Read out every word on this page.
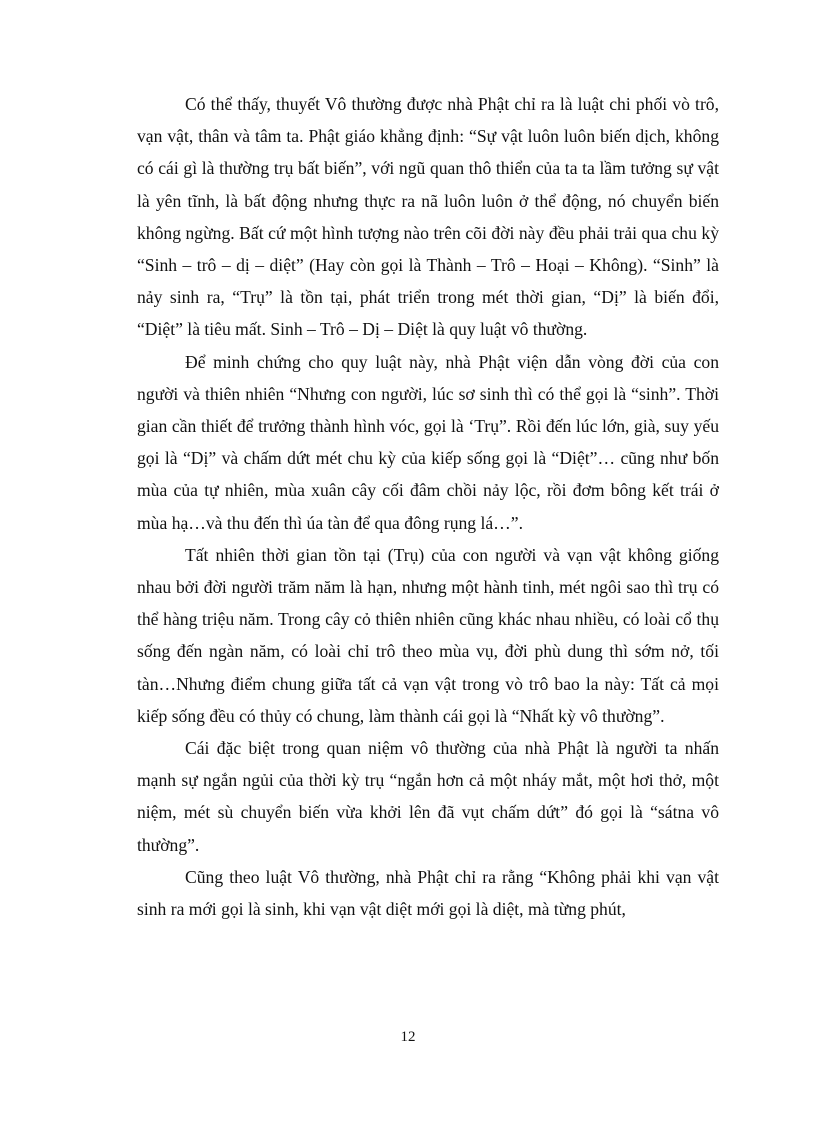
Có thể thấy, thuyết Vô thường được nhà Phật chỉ ra là luật chi phối vò trô, vạn vật, thân và tâm ta. Phật giáo khẳng định: “Sự vật luôn luôn biến dịch, không có cái gì là thường trụ bất biến”, với ngũ quan thô thiển của ta ta lầm tưởng sự vật là yên tĩnh, là bất động nhưng thực ra nã luôn luôn ở thể động, nó chuyển biến không ngừng. Bất cứ một hình tượng nào trên cõi đời này đều phải trải qua chu kỳ “Sinh – trô – dị – diệt” (Hay còn gọi là Thành – Trô – Hoại – Không). “Sinh” là nảy sinh ra, “Trụ” là tồn tại, phát triển trong mét thời gian, “Dị” là biến đổi, “Diệt” là tiêu mất. Sinh – Trô – Dị – Diệt là quy luật vô thường.

Để minh chứng cho quy luật này, nhà Phật viện dẫn vòng đời của con người và thiên nhiên “Nhưng con người, lúc sơ sinh thì có thể gọi là “sinh”. Thời gian cần thiết để trưởng thành hình vóc, gọi là ‘Trụ”. Rồi đến lúc lớn, già, suy yếu gọi là “Dị” và chấm dứt mét chu kỳ của kiếp sống gọi là “Diệt”… cũng như bốn mùa của tự nhiên, mùa xuân cây cối đâm chồi nảy lộc, rồi đơm bông kết trái ở mùa hạ…và thu đến thì úa tàn để qua đông rụng lá…”.

Tất nhiên thời gian tồn tại (Trụ) của con người và vạn vật không giống nhau bởi đời người trăm năm là hạn, nhưng một hành tinh, mét ngôi sao thì trụ có thể hàng triệu năm. Trong cây cỏ thiên nhiên cũng khác nhau nhiều, có loài cổ thụ sống đến ngàn năm, có loài chỉ trô theo mùa vụ, đời phù dung thì sớm nở, tối tàn…Nhưng điểm chung giữa tất cả vạn vật trong vò trô bao la này: Tất cả mọi kiếp sống đều có thủy có chung, làm thành cái gọi là “Nhất kỳ vô thường”.

Cái đặc biệt trong quan niệm vô thường của nhà Phật là người ta nhấn mạnh sự ngắn ngủi của thời kỳ trụ “ngắn hơn cả một nháy mắt, một hơi thở, một niệm, mét sù chuyển biến vừa khởi lên đã vụt chấm dứt” đó gọi là “sátna vô thường”.

Cũng theo luật Vô thường, nhà Phật chỉ ra rằng “Không phải khi vạn vật sinh ra mới gọi là sinh, khi vạn vật diệt mới gọi là diệt, mà từng phút,

12
